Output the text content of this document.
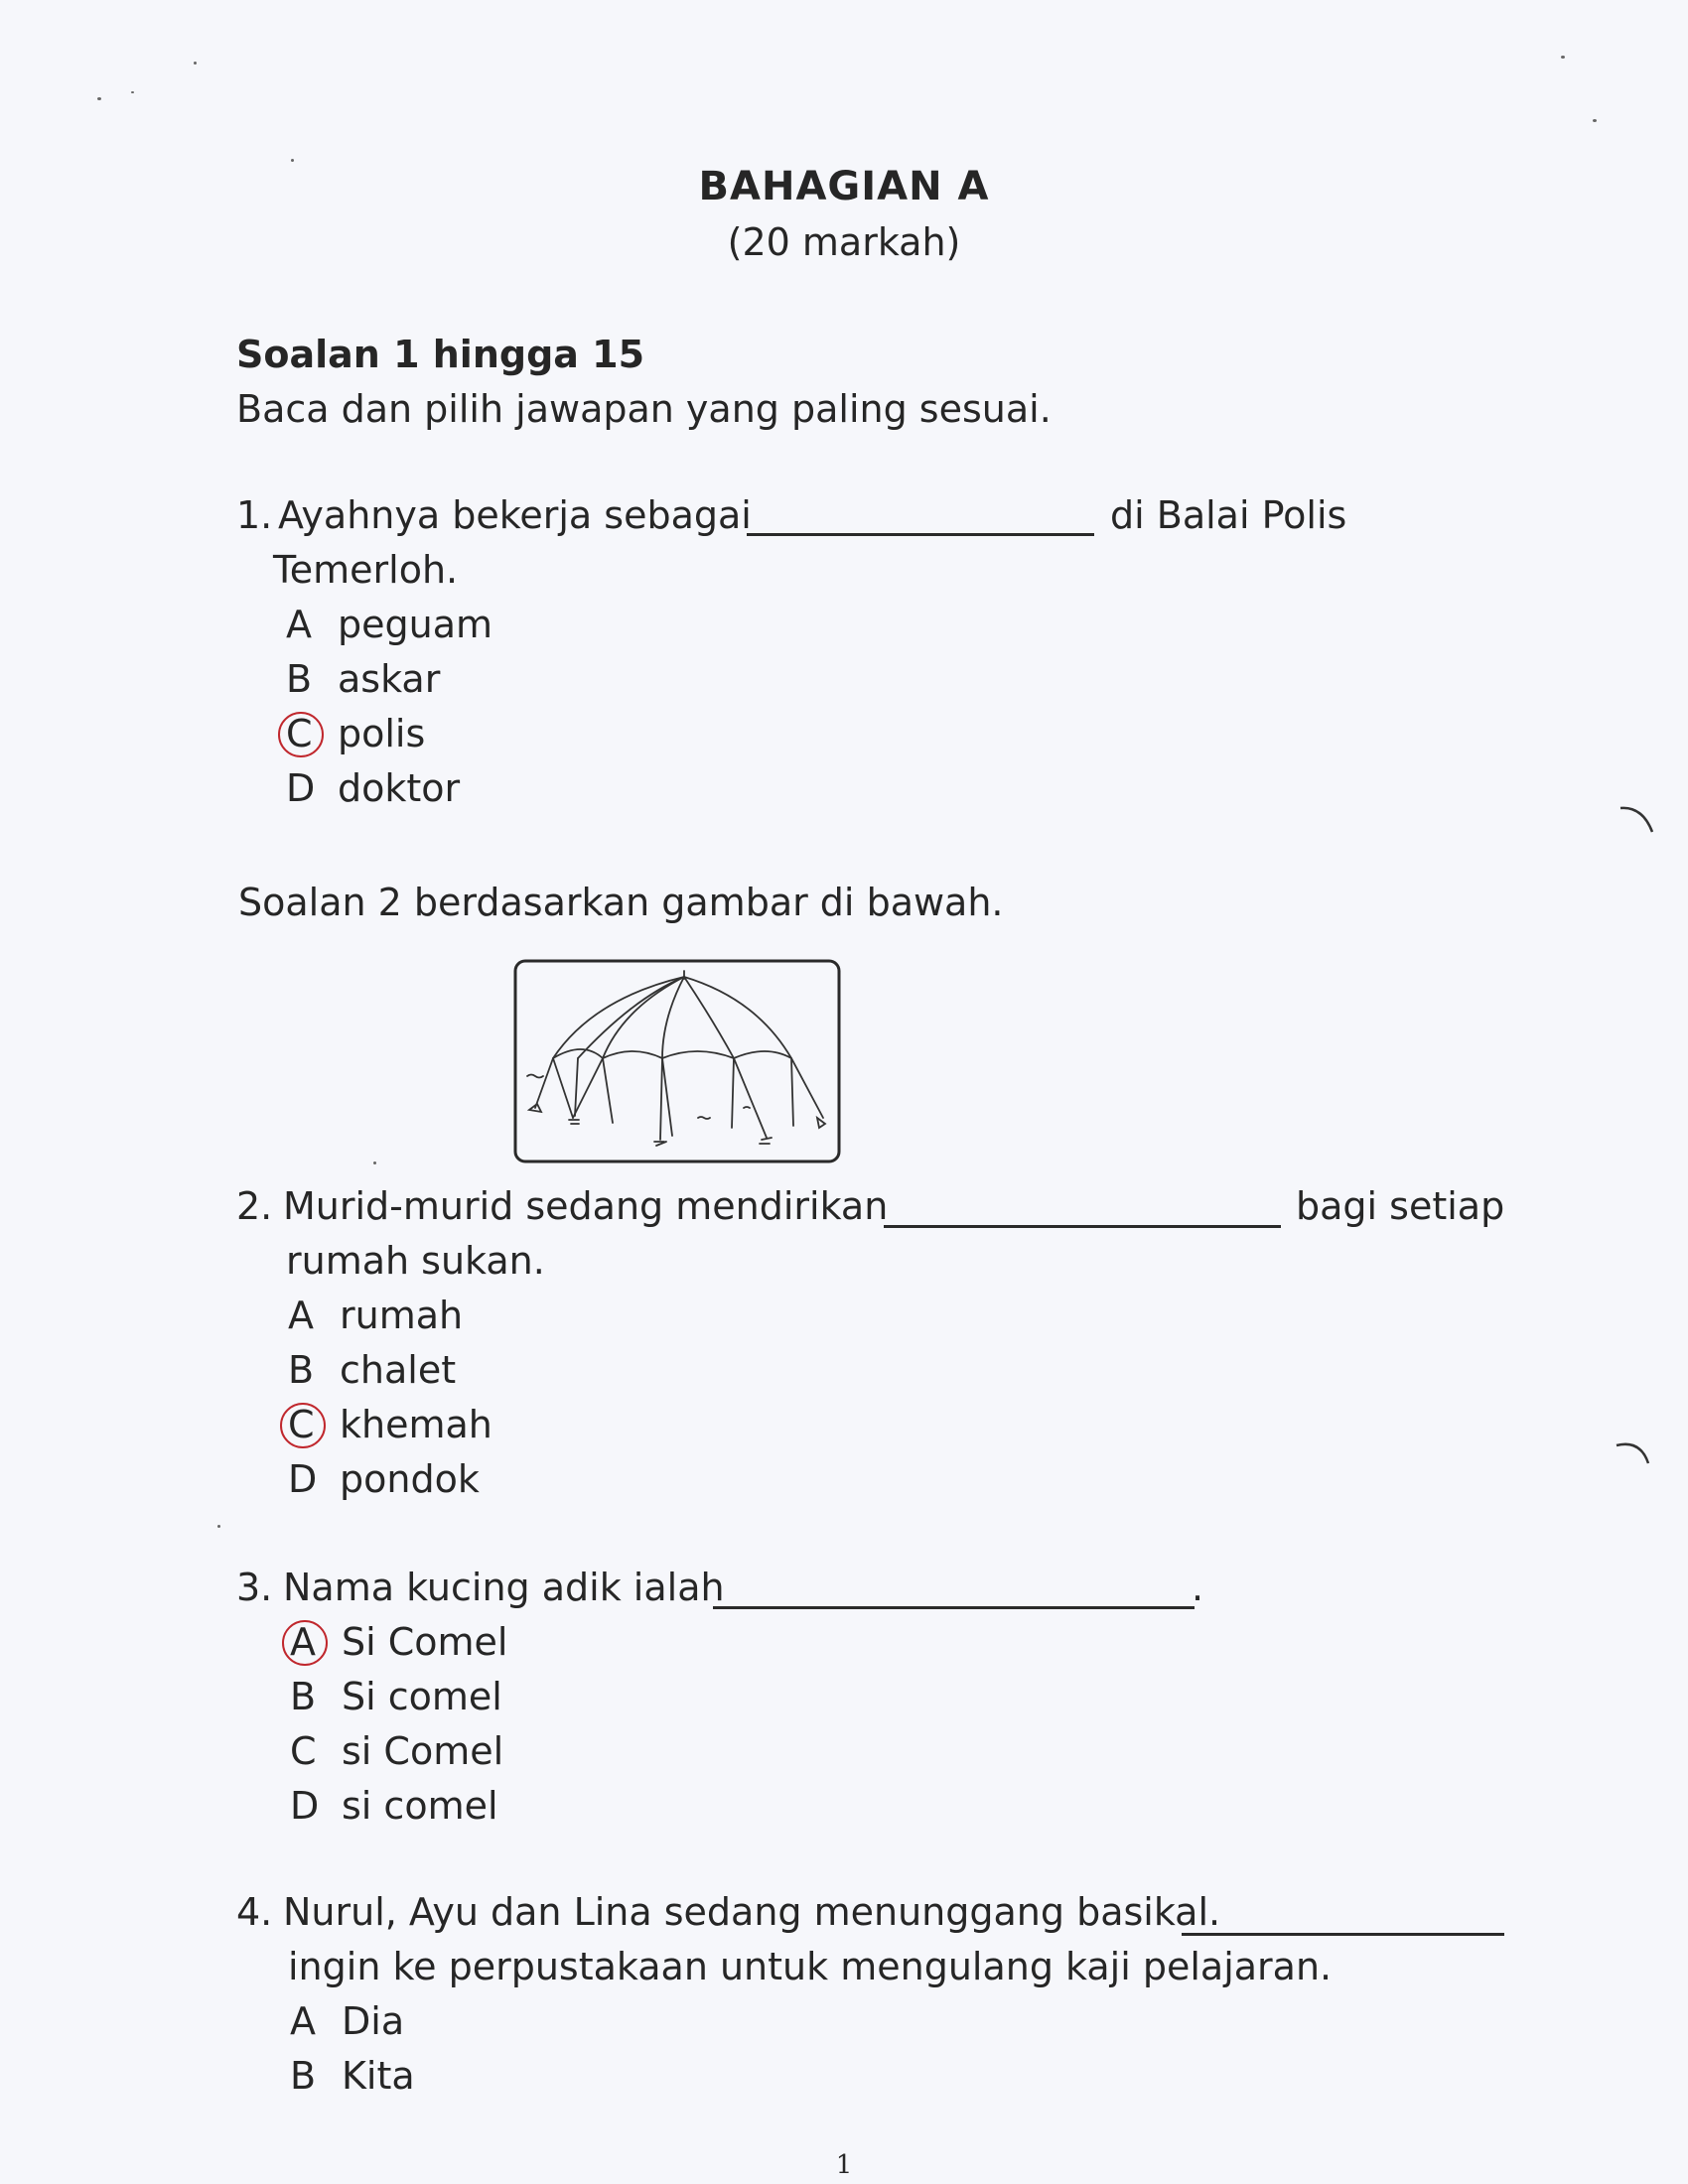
BAHAGIAN A
(20 markah)
Soalan 1 hingga 15
Baca dan pilih jawapan yang paling sesuai.
1. Ayahnya bekerja sebagai	di Balai Polis
Temerloh.
A peguam
B askar
C polis
D doktor
Soalan 2 berdasarkan gambar di bawah.
2. Murid-murid sedang mendirikan	bagi setiap
rumah sukan.
A rumah
B chalet
C khemah
D pondok
3. Nama kucing adik ialah	.
A Si Comel
B Si comel
C si Comel
D si comel
4. Nurul, Ayu dan Lina sedang menunggang basikal.
ingin ke perpustakaan untuk mengulang kaji pelajaran.
A Dia
B Kita
1
